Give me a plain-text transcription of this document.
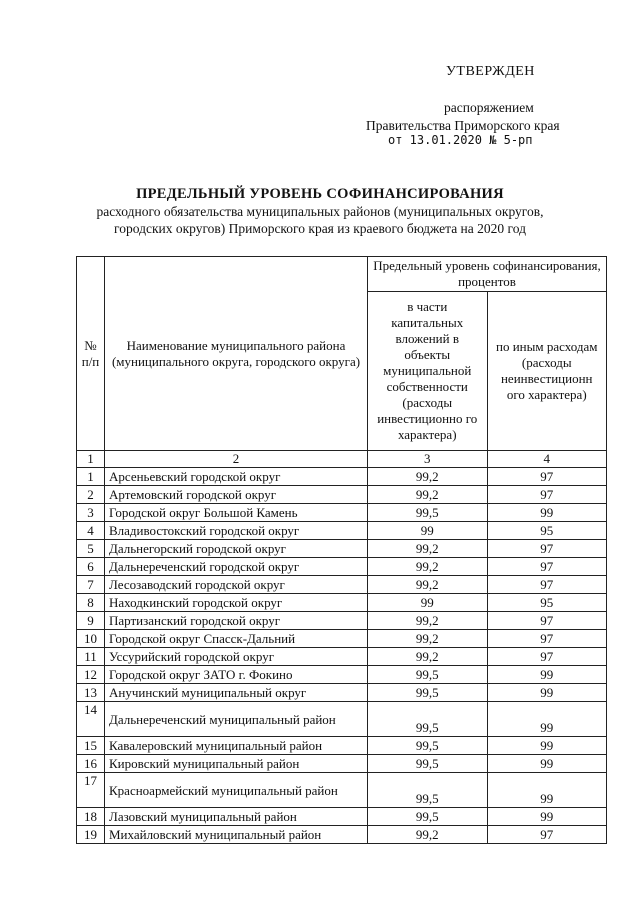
УТВЕРЖДЕН
распоряжением
Правительства Приморского края
от 13.01.2020 № 5-рп
ПРЕДЕЛЬНЫЙ УРОВЕНЬ СОФИНАНСИРОВАНИЯ
расходного обязательства муниципальных районов (муниципальных округов,
городских округов) Приморского края из краевого бюджета на 2020 год
№ п/п	Наименование муниципального района (муниципального округа, городского округа)	Предельный уровень софинансирования, процентов	
		в части капитальных вложений в объекты муниципальной собственности (расходы инвестиционно го характера)	по иным расходам (расходы неинвестиционн ого характера)
1	2	3	4
1	Арсеньевский городской округ	99,2	97
2	Артемовский городской округ	99,2	97
3	Городской округ Большой Камень	99,5	99
4	Владивостокский городской округ	99	95
5	Дальнегорский городской округ	99,2	97
6	Дальнереченский городской округ	99,2	97
7	Лесозаводский городской округ	99,2	97
8	Находкинский городской округ	99	95
9	Партизанский городской округ	99,2	97
10	Городской округ Спасск-Дальний	99,2	97
11	Уссурийский городской округ	99,2	97
12	Городской округ ЗАТО г. Фокино	99,5	99
13	Анучинский муниципальный округ	99,5	99
14	Дальнереченский муниципальный район	99,5	99
15	Кавалеровский муниципальный район	99,5	99
16	Кировский муниципальный район	99,5	99
17	Красноармейский муниципальный район	99,5	99
18	Лазовский муниципальный район	99,5	99
19	Михайловский муниципальный район	99,2	97
